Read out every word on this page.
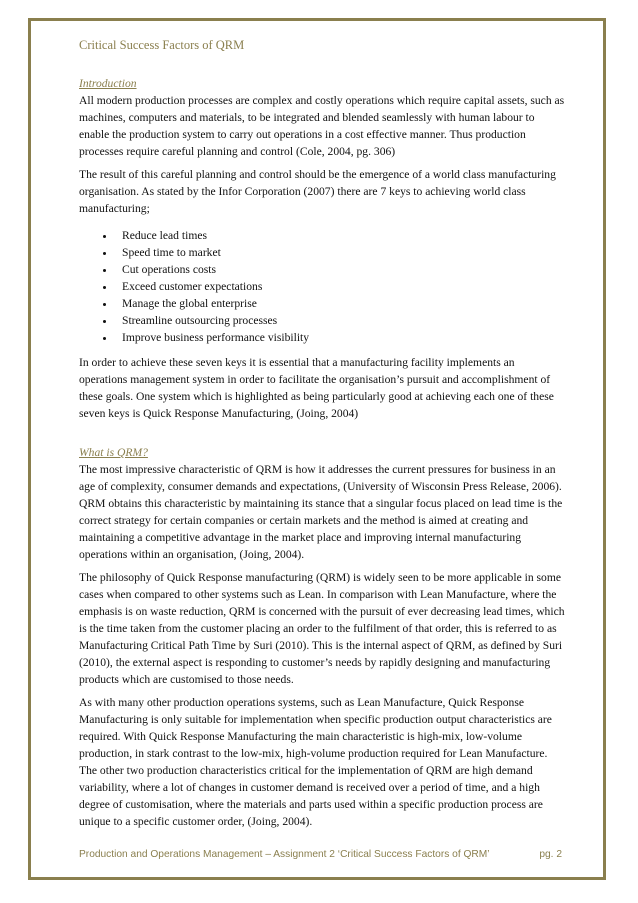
Critical Success Factors of QRM

Introduction

All modern production processes are complex and costly operations which require capital assets, such as machines, computers and materials, to be integrated and blended seamlessly with human labour to enable the production system to carry out operations in a cost effective manner. Thus production processes require careful planning and control (Cole, 2004, pg. 306)

The result of this careful planning and control should be the emergence of a world class manufacturing organisation. As stated by the Infor Corporation (2007) there are 7 keys to achieving world class manufacturing;

• Reduce lead times
• Speed time to market
• Cut operations costs
• Exceed customer expectations
• Manage the global enterprise
• Streamline outsourcing processes
• Improve business performance visibility

In order to achieve these seven keys it is essential that a manufacturing facility implements an operations management system in order to facilitate the organisation’s pursuit and accomplishment of these goals. One system which is highlighted as being particularly good at achieving each one of these seven keys is Quick Response Manufacturing, (Joing, 2004)

What is QRM?

The most impressive characteristic of QRM is how it addresses the current pressures for business in an age of complexity, consumer demands and expectations, (University of Wisconsin Press Release, 2006). QRM obtains this characteristic by maintaining its stance that a singular focus placed on lead time is the correct strategy for certain companies or certain markets and the method is aimed at creating and maintaining a competitive advantage in the market place and improving internal manufacturing operations within an organisation, (Joing, 2004).

The philosophy of Quick Response manufacturing (QRM) is widely seen to be more applicable in some cases when compared to other systems such as Lean. In comparison with Lean Manufacture, where the emphasis is on waste reduction, QRM is concerned with the pursuit of ever decreasing lead times, which is the time taken from the customer placing an order to the fulfilment of that order, this is referred to as Manufacturing Critical Path Time by Suri (2010). This is the internal aspect of QRM, as defined by Suri (2010), the external aspect is responding to customer’s needs by rapidly designing and manufacturing products which are customised to those needs.

As with many other production operations systems, such as Lean Manufacture, Quick Response Manufacturing is only suitable for implementation when specific production output characteristics are required. With Quick Response Manufacturing the main characteristic is high-mix, low-volume production, in stark contrast to the low-mix, high-volume production required for Lean Manufacture. The other two production characteristics critical for the implementation of QRM are high demand variability, where a lot of changes in customer demand is received over a period of time, and a high degree of customisation, where the materials and parts used within a specific production process are unique to a specific customer order, (Joing, 2004).

Production and Operations Management – Assignment 2 ‘Critical Success Factors of QRM’	pg. 2
